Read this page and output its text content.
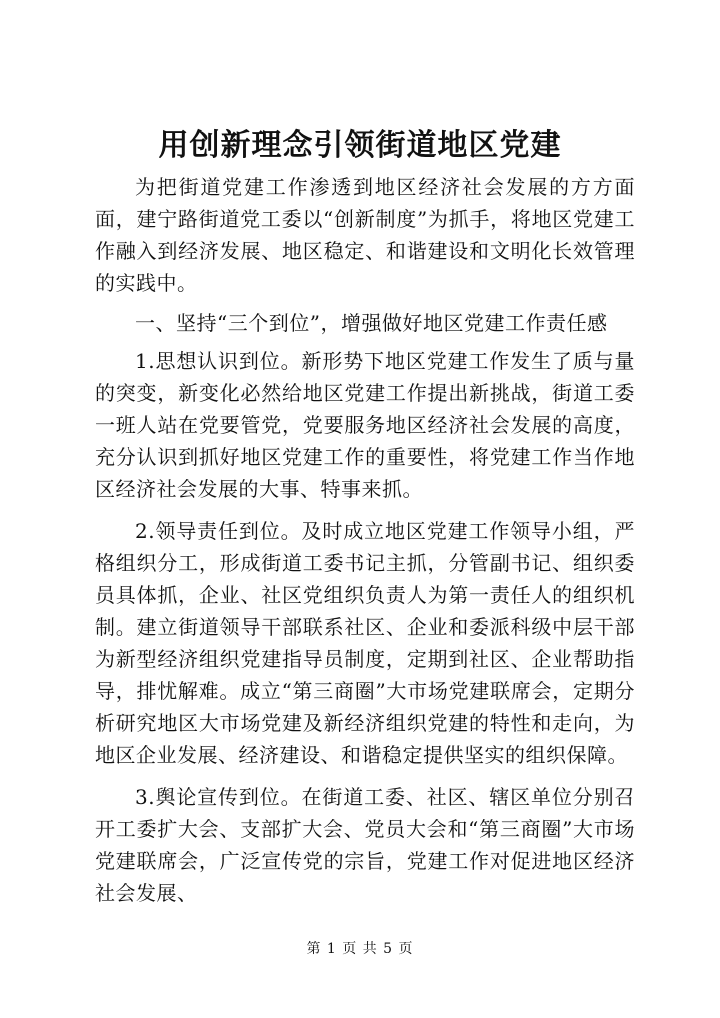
用创新理念引领街道地区党建

为把街道党建工作渗透到地区经济社会发展的方方面面，建宁路街道党工委以“创新制度”为抓手，将地区党建工作融入到经济发展、地区稳定、和谐建设和文明化长效管理的实践中。

一、坚持“三个到位”，增强做好地区党建工作责任感

1.思想认识到位。新形势下地区党建工作发生了质与量的突变，新变化必然给地区党建工作提出新挑战，街道工委一班人站在党要管党，党要服务地区经济社会发展的高度，充分认识到抓好地区党建工作的重要性，将党建工作当作地区经济社会发展的大事、特事来抓。

2.领导责任到位。及时成立地区党建工作领导小组，严格组织分工，形成街道工委书记主抓，分管副书记、组织委员具体抓，企业、社区党组织负责人为第一责任人的组织机制。建立街道领导干部联系社区、企业和委派科级中层干部为新型经济组织党建指导员制度，定期到社区、企业帮助指导，排忧解难。成立“第三商圈”大市场党建联席会，定期分析研究地区大市场党建及新经济组织党建的特性和走向，为地区企业发展、经济建设、和谐稳定提供坚实的组织保障。

3.舆论宣传到位。在街道工委、社区、辖区单位分别召开工委扩大会、支部扩大会、党员大会和“第三商圈”大市场党建联席会，广泛宣传党的宗旨，党建工作对促进地区经济社会发展、

第 1 页 共 5 页
